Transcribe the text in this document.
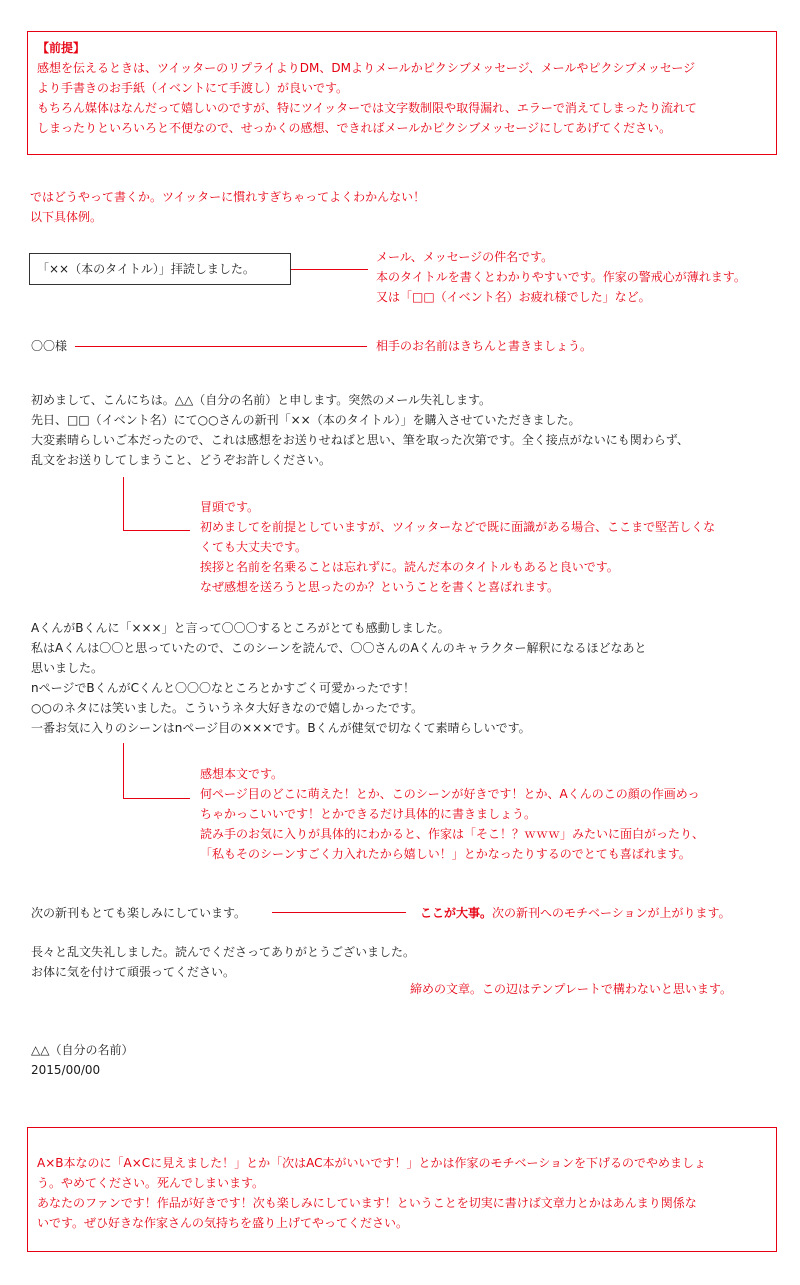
【前提】

感想を伝えるときは、ツイッターのリプライよりDM、DMよりメールかピクシブメッセージ、メールやピクシブメッセージ

より手書きのお手紙（イベントにて手渡し）が良いです。

もちろん媒体はなんだって嬉しいのですが、特にツイッターでは文字数制限や取得漏れ、エラーで消えてしまったり流れて

しまったりといろいろと不便なので、せっかくの感想、できればメールかピクシブメッセージにしてあげてください。

ではどうやって書くか。ツイッターに慣れすぎちゃってよくわかんない！

以下具体例。

「××（本のタイトル）」拝読しました。

メール、メッセージの件名です。

本のタイトルを書くとわかりやすいです。作家の警戒心が薄れます。

又は「□□（イベント名）お疲れ様でした」など。

〇〇様	相手のお名前はきちんと書きましょう。

初めまして、こんにちは。△△（自分の名前）と申します。突然のメール失礼します。

先日、□□（イベント名）にて○○さんの新刊「××（本のタイトル）」を購入させていただきました。

大変素晴らしいご本だったので、これは感想をお送りせねばと思い、筆を取った次第です。全く接点がないにも関わらず、

乱文をお送りしてしまうこと、どうぞお許しください。

冒頭です。

初めましてを前提としていますが、ツイッターなどで既に面識がある場合、ここまで堅苦しくな

くても大丈夫です。

挨拶と名前を名乗ることは忘れずに。読んだ本のタイトルもあると良いです。

なぜ感想を送ろうと思ったのか？ということを書くと喜ばれます。

AくんがBくんに「×××」と言って〇〇〇するところがとても感動しました。

私はAくんは〇〇と思っていたので、このシーンを読んで、〇〇さんのAくんのキャラクター解釈になるほどなあと

思いました。

nページでBくんがCくんと〇〇〇なところとかすごく可愛かったです！

○○のネタには笑いました。こういうネタ大好きなので嬉しかったです。

一番お気に入りのシーンはnページ目の×××です。Bくんが健気で切なくて素晴らしいです。

感想本文です。

何ページ目のどこに萌えた！とか、このシーンが好きです！とか、Aくんのこの顔の作画めっ

ちゃかっこいいです！とかできるだけ具体的に書きましょう。

読み手のお気に入りが具体的にわかると、作家は「そこ！？ｗｗｗ」みたいに面白がったり、

「私もそのシーンすごく力入れたから嬉しい！」とかなったりするのでとても喜ばれます。

次の新刊もとても楽しみにしています。	ここが大事。次の新刊へのモチベーションが上がります。

長々と乱文失礼しました。読んでくださってありがとうございました。

お体に気を付けて頑張ってください。

締めの文章。この辺はテンプレートで構わないと思います。

△△（自分の名前）

2015/00/00

A×B本なのに「A×Cに見えました！」とか「次はAC本がいいです！」とかは作家のモチベーションを下げるのでやめましょ

う。やめてください。死んでしまいます。

あなたのファンです！作品が好きです！次も楽しみにしています！ということを切実に書けば文章力とかはあんまり関係な

いです。ぜひ好きな作家さんの気持ちを盛り上げてやってください。
